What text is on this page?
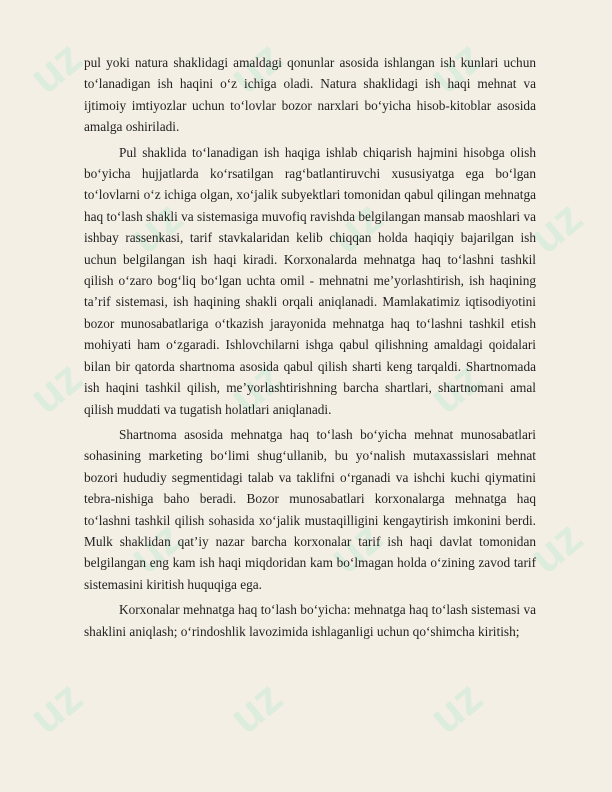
uz	uz	uz
uz	uz	uz
uz	uz	uz
uz	uz	uz
uz	uz	uz

pul yoki natura shaklidagi amaldagi qonunlar asosida ishlangan ish kunlari uchun to‘lanadigan ish haqini o‘z ichiga oladi. Natura shaklidagi ish haqi mehnat va ijtimoiy imtiyozlar uchun to‘lovlar bozor narxlari bo‘yicha hisob-kitoblar asosida amalga oshiriladi.

Pul shaklida to‘lanadigan ish haqiga ishlab chiqarish hajmini hisobga olish bo‘yicha hujjatlarda ko‘rsatilgan rag‘batlantiruvchi xususiyatga ega bo‘lgan to‘lovlarni o‘z ichiga olgan, xo‘jalik subyektlari tomonidan qabul qilingan mehnatga haq to‘lash shakli va sistemasiga muvofiq ravishda belgilangan mansab maoshlari va ishbay rassenkasi, tarif stavkalaridan kelib chiqqan holda haqiqiy bajarilgan ish uchun belgilangan ish haqi kiradi. Korxonalarda mehnatga haq to‘lashni tashkil qilish o‘zaro bog‘liq bo‘lgan uchta omil - mehnatni me’yorlashtirish, ish haqining ta’rif sistemasi, ish haqining shakli orqali aniqlanadi. Mamlakatimiz iqtisodiyotini bozor munosabatlariga o‘tkazish jarayonida mehnatga haq to‘lashni tashkil etish mohiyati ham o‘zgaradi. Ishlovchilarni ishga qabul qilishning amaldagi qoidalari bilan bir qatorda shartnoma asosida qabul qilish sharti keng tarqaldi. Shartnomada ish haqini tashkil qilish, me’yorlashtirishning barcha shartlari, shartnomani amal qilish muddati va tugatish holatlari aniqlanadi.

Shartnoma asosida mehnatga haq to‘lash bo‘yicha mehnat munosabatlari sohasining marketing bo‘limi shug‘ullanib, bu yo‘nalish mutaxassislari mehnat bozori hududiy segmentidagi talab va taklifni o‘rganadi va ishchi kuchi qiymatini tebra-nishiga baho beradi. Bozor munosabatlari korxonalarga mehnatga haq to‘lashni tashkil qilish sohasida xo‘jalik mustaqilligini kengaytirish imkonini berdi. Mulk shaklidan qat’iy nazar barcha korxonalar tarif ish haqi davlat tomonidan belgilangan eng kam ish haqi miqdoridan kam bo‘lmagan holda o‘zining zavod tarif sistemasini kiritish huquqiga ega.

Korxonalar mehnatga haq to‘lash bo‘yicha: mehnatga haq to‘lash sistemasi va shaklini aniqlash; o‘rindoshlik lavozimida ishlaganligi uchun qo‘shimcha kiritish;
